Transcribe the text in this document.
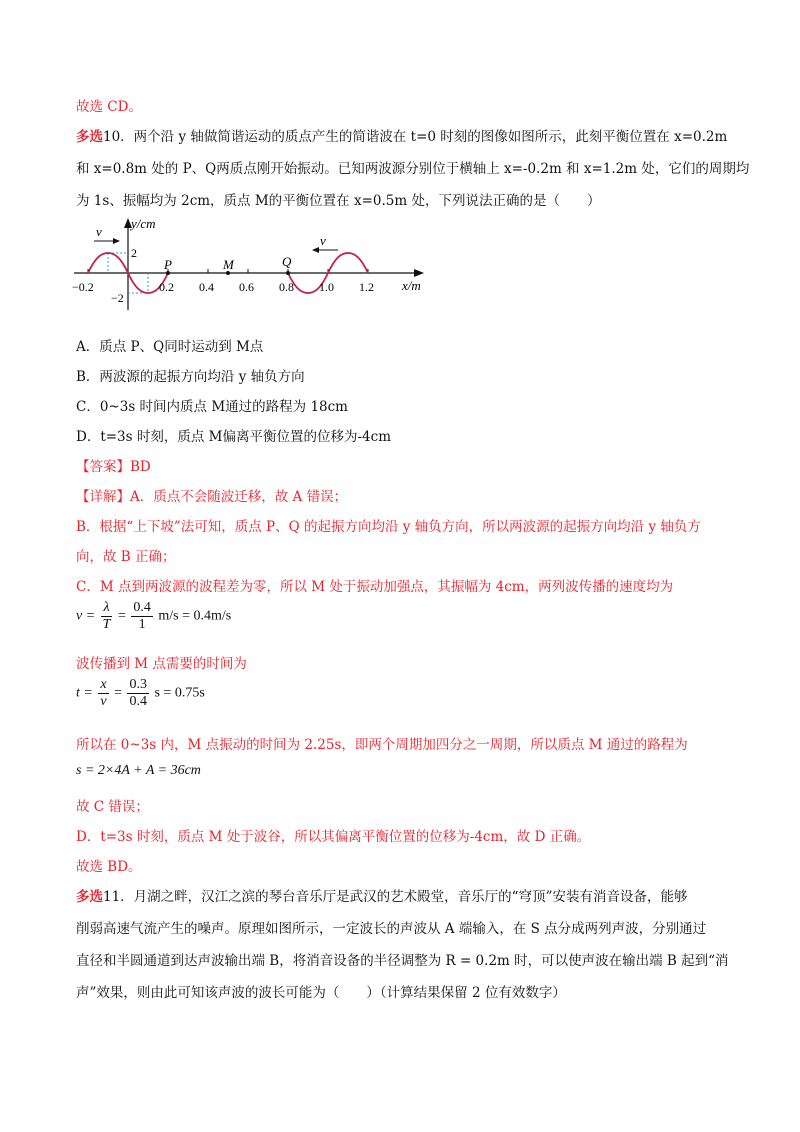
故选 CD。
多选10．两个沿 y 轴做简谐运动的质点产生的简谐波在 t=0 时刻的图像如图所示，此刻平衡位置在 x=0.2m
和 x=0.8m 处的 P、Q两质点刚开始振动。已知两波源分别位于横轴上 x=-0.2m 和 x=1.2m 处，它们的周期均
为 1s、振幅均为 2cm，质点 M的平衡位置在 x=0.5m 处，下列说法正确的是（　　）
v
v
y/cm
x/m
2
−2
P	M	Q
−0.2	0.2 0.4 0.6 0.8 1.0 1.2
A．质点 P、Q同时运动到 M点
B．两波源的起振方向均沿 y 轴负方向
C．0~3s 时间内质点 M通过的路程为 18cm
D．t=3s 时刻，质点 M偏离平衡位置的位移为-4cm
【答案】BD
【详解】A．质点不会随波迁移，故 A 错误；
B．根据“上下坡”法可知，质点 P、Q 的起振方向均沿 y 轴负方向，所以两波源的起振方向均沿 y 轴负方
向，故 B 正确；
C．M 点到两波源的波程差为零，所以 M 处于振动加强点，其振幅为 4cm，两列波传播的速度均为
$v = \frac{\lambda}{T} = \frac{0.4}{1} m/s = 0.4m/s$
波传播到 M 点需要的时间为
$t = \frac{x}{v} = \frac{0.3}{0.4}$ s = 0.75s
所以在 0~3s 内，M 点振动的时间为 2.25s，即两个周期加四分之一周期，所以质点 M 通过的路程为
s = 2×4A + A = 36cm
故 C 错误；
D．t=3s 时刻，质点 M 处于波谷，所以其偏离平衡位置的位移为-4cm，故 D 正确。
故选 BD。
多选11．月湖之畔，汉江之滨的琴台音乐厅是武汉的艺术殿堂，音乐厅的“穹顶”安装有消音设备，能够
削弱高速气流产生的噪声。原理如图所示，一定波长的声波从 A 端输入，在 S 点分成两列声波，分别通过
直径和半圆通道到达声波输出端 B，将消音设备的半径调整为 R = 0.2m 时，可以使声波在输出端 B 起到“消
声”效果，则由此可知该声波的波长可能为（　　）（计算结果保留 2 位有效数字）
